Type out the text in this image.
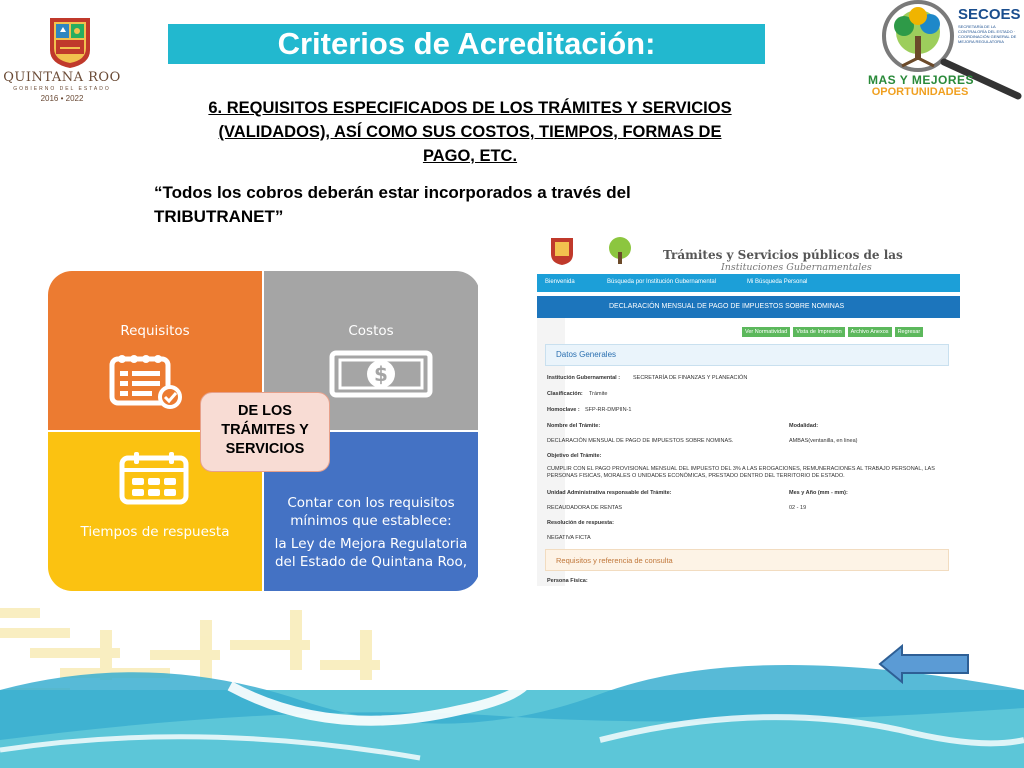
QUINTANA ROO
GOBIERNO DEL ESTADO
2016 • 2022
Criterios de Acreditación:
SECOES
SECRETARÍA DE LA CONTRALORÍA DEL ESTADO · COORDINACIÓN GENERAL DE MEJORA REGULATORIA
MAS Y MEJORES
OPORTUNIDADES
6. REQUISITOS ESPECIFICADOS DE LOS TRÁMITES Y SERVICIOS
(VALIDADOS), ASÍ COMO SUS COSTOS, TIEMPOS, FORMAS DE
PAGO, ETC.
“Todos los cobros deberán estar incorporados a través del TRIBUTRANET”
Requisitos	Costos
$
Tiempos de respuesta
Contar con los requisitos
mínimos que establece:
la Ley de Mejora Regulatoria
del Estado de Quintana Roo,
DE LOS
TRÁMITES Y
SERVICIOS
Trámites y Servicios públicos de las
Instituciones Gubernamentales
Bienvenida	Búsqueda por Institución Gubernamental	Mi Búsqueda Personal
DECLARACIÓN MENSUAL DE PAGO DE IMPUESTOS SOBRE NOMINAS
Ver Normatividad	Vista de Impresion	Archivo Anexos	Regresar
Datos Generales
Institución Gubernamental : SECRETARÍA DE FINANZAS Y PLANEACIÓN
Clasificación: Trámite
Homoclave : SFP-RR-DMPIIN-1
Nombre del Trámite:	Modalidad:
DECLARACIÓN MENSUAL DE PAGO DE IMPUESTOS SOBRE NOMINAS.	AMBAS(ventanilla, en linea)
Objetivo del Trámite:
CUMPLIR CON EL PAGO PROVISIONAL MENSUAL DEL IMPUESTO DEL 3% A LAS EROGACIONES, REMUNERACIONES AL TRABAJO PERSONAL, LAS PERSONAS FISICAS, MORALES O UNIDADES ECONÓMICAS, PRESTADO DENTRO DEL TERRITORIO DE ESTADO.
Unidad Administrativa responsable del Trámite:	Mes y Año (mm - mm):
RECAUDADORA DE RENTAS	02 - 19
Resolución de respuesta:
NEGATIVA FICTA
Requisitos y referencia de consulta
Persona Física:
